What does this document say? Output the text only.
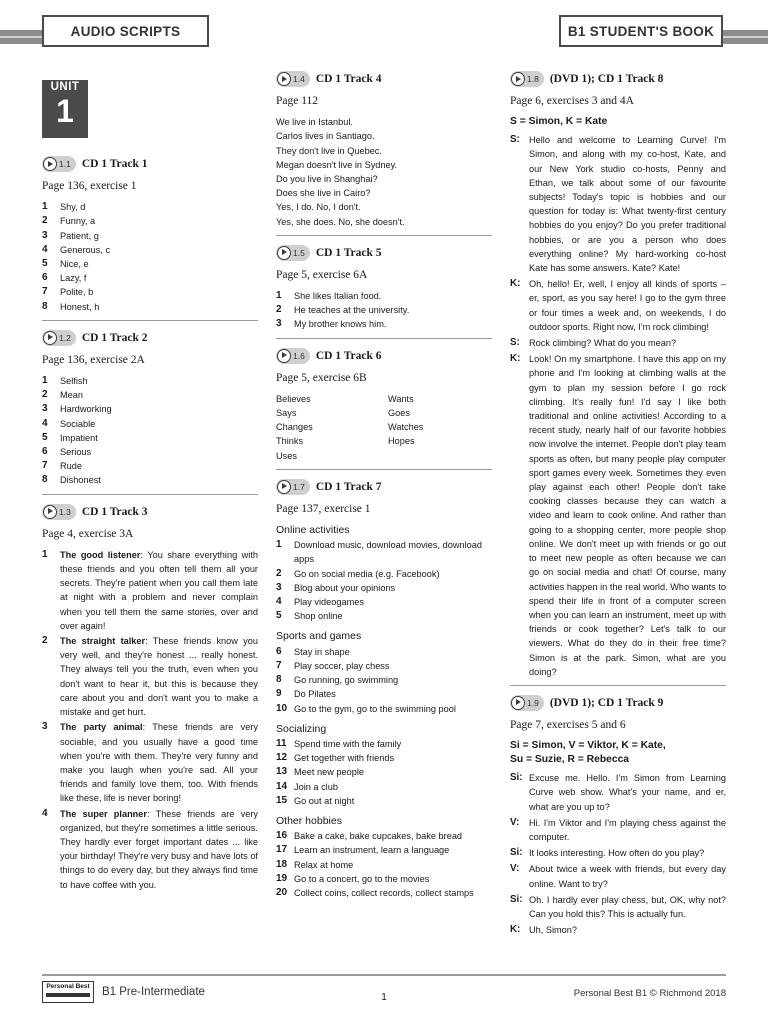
AUDIO SCRIPTS	B1 STUDENT'S BOOK
UNIT
1
1.1 CD 1 Track 1
Page 136, exercise 1
1	Shy, d
2	Funny, a
3	Patient, g
4	Generous, c
5	Nice, e
6	Lazy, f
7	Polite, b
8	Honest, h
1.2 CD 1 Track 2
Page 136, exercise 2A
1	Selfish
2	Mean
3	Hardworking
4	Sociable
5	Impatient
6	Serious
7	Rude
8	Dishonest
1.3 CD 1 Track 3
Page 4, exercise 3A
1	The good listener: You share everything with these friends and you often tell them all your secrets. They're patient when you call them late at night with a problem and never complain when you tell them the same stories, over and over again!
2	The straight talker: These friends know you very well, and they're honest ... really honest. They always tell you the truth, even when you don't want to hear it, but this is because they care about you and don't want you to make a mistake and get hurt.
3	The party animal: These friends are very sociable, and you usually have a good time when you're with them. They're very funny and make you laugh when you're sad. All your friends and family love them, too. With friends like these, life is never boring!
4	The super planner: These friends are very organized, but they're sometimes a little serious. They hardly ever forget important dates ... like your birthday! They're very busy and have lots of things to do every day, but they always find time to have coffee with you.
1.4 CD 1 Track 4
Page 112
We live in Istanbul.
Carlos lives in Santiago.
They don't live in Quebec.
Megan doesn't live in Sydney.
Do you live in Shanghai?
Does she live in Cairo?
Yes, I do. No, I don't.
Yes, she does. No, she doesn't.
1.5 CD 1 Track 5
Page 5, exercise 6A
1	She likes Italian food.
2	He teaches at the university.
3	My brother knows him.
1.6 CD 1 Track 6
Page 5, exercise 6B
Believes	Wants
Says	Goes
Changes	Watches
Thinks	Hopes
Uses
1.7 CD 1 Track 7
Page 137, exercise 1
Online activities
1	Download music, download movies, download apps
2	Go on social media (e.g. Facebook)
3	Blog about your opinions
4	Play videogames
5	Shop online
Sports and games
6	Stay in shape
7	Play soccer, play chess
8	Go running, go swimming
9	Do Pilates
10 Go to the gym, go to the swimming pool
Socializing
11 Spend time with the family
12 Get together with friends
13 Meet new people
14 Join a club
15 Go out at night
Other hobbies
16 Bake a cake, bake cupcakes, bake bread
17 Learn an instrument, learn a language
18 Relax at home
19 Go to a concert, go to the movies
20 Collect coins, collect records, collect stamps
1.8 (DVD 1); CD 1 Track 8
Page 6, exercises 3 and 4A
S = Simon, K = Kate
S:	Hello and welcome to Learning Curve! I'm Simon, and along with my co-host, Kate, and our New York studio co-hosts, Penny and Ethan, we talk about some of our favourite subjects! Today's topic is hobbies and our question for today is: What twenty-first century hobbies do you enjoy? Do you prefer traditional hobbies, or are you a person who does everything online? My hard-working co-host Kate has some answers. Kate? Kate!
K: Oh, hello! Er, well, I enjoy all kinds of sports – er, sport, as you say here! I go to the gym three or four times a week and, on weekends, I do outdoor sports. Right now, I'm rock climbing!
S:	Rock climbing? What do you mean?
K: Look! On my smartphone. I have this app on my phone and I'm looking at climbing walls at the gym to plan my session before I go rock climbing. It's really fun! I'd say I like both traditional and online activities! According to a recent study, nearly half of our favorite hobbies now involve the internet. People don't play team sports as often, but many people play computer sport games every week. Sometimes they even play against each other! People don't take cooking classes because they can watch a video and learn to cook online. And rather than going to a shopping center, more people shop online. We don't meet up with friends or go out to meet new people as often because we can go on social media and chat! Of course, many activities happen in the real world. Who wants to spend their life in front of a computer screen when you can learn an instrument, meet up with friends or cook together? Let's talk to our viewers. What do they do in their free time? Simon is at the park. Simon, what are you doing?
1.9 (DVD 1); CD 1 Track 9
Page 7, exercises 5 and 6
Si = Simon, V = Viktor, K = Kate,
Su = Suzie, R = Rebecca
Si: Excuse me. Hello. I'm Simon from Learning Curve web show. What's your name, and er, what are you up to?
V:	Hi. I'm Viktor and I'm playing chess against the computer.
Si: It looks interesting. How often do you play?
V:	About twice a week with friends, but every day online. Want to try?
Si: Oh. I hardly ever play chess, but, OK, why not? Can you hold this? This is actually fun.
K: Uh, Simon?
Personal Best B1 Pre-Intermediate	1	Personal Best B1 © Richmond 2018
